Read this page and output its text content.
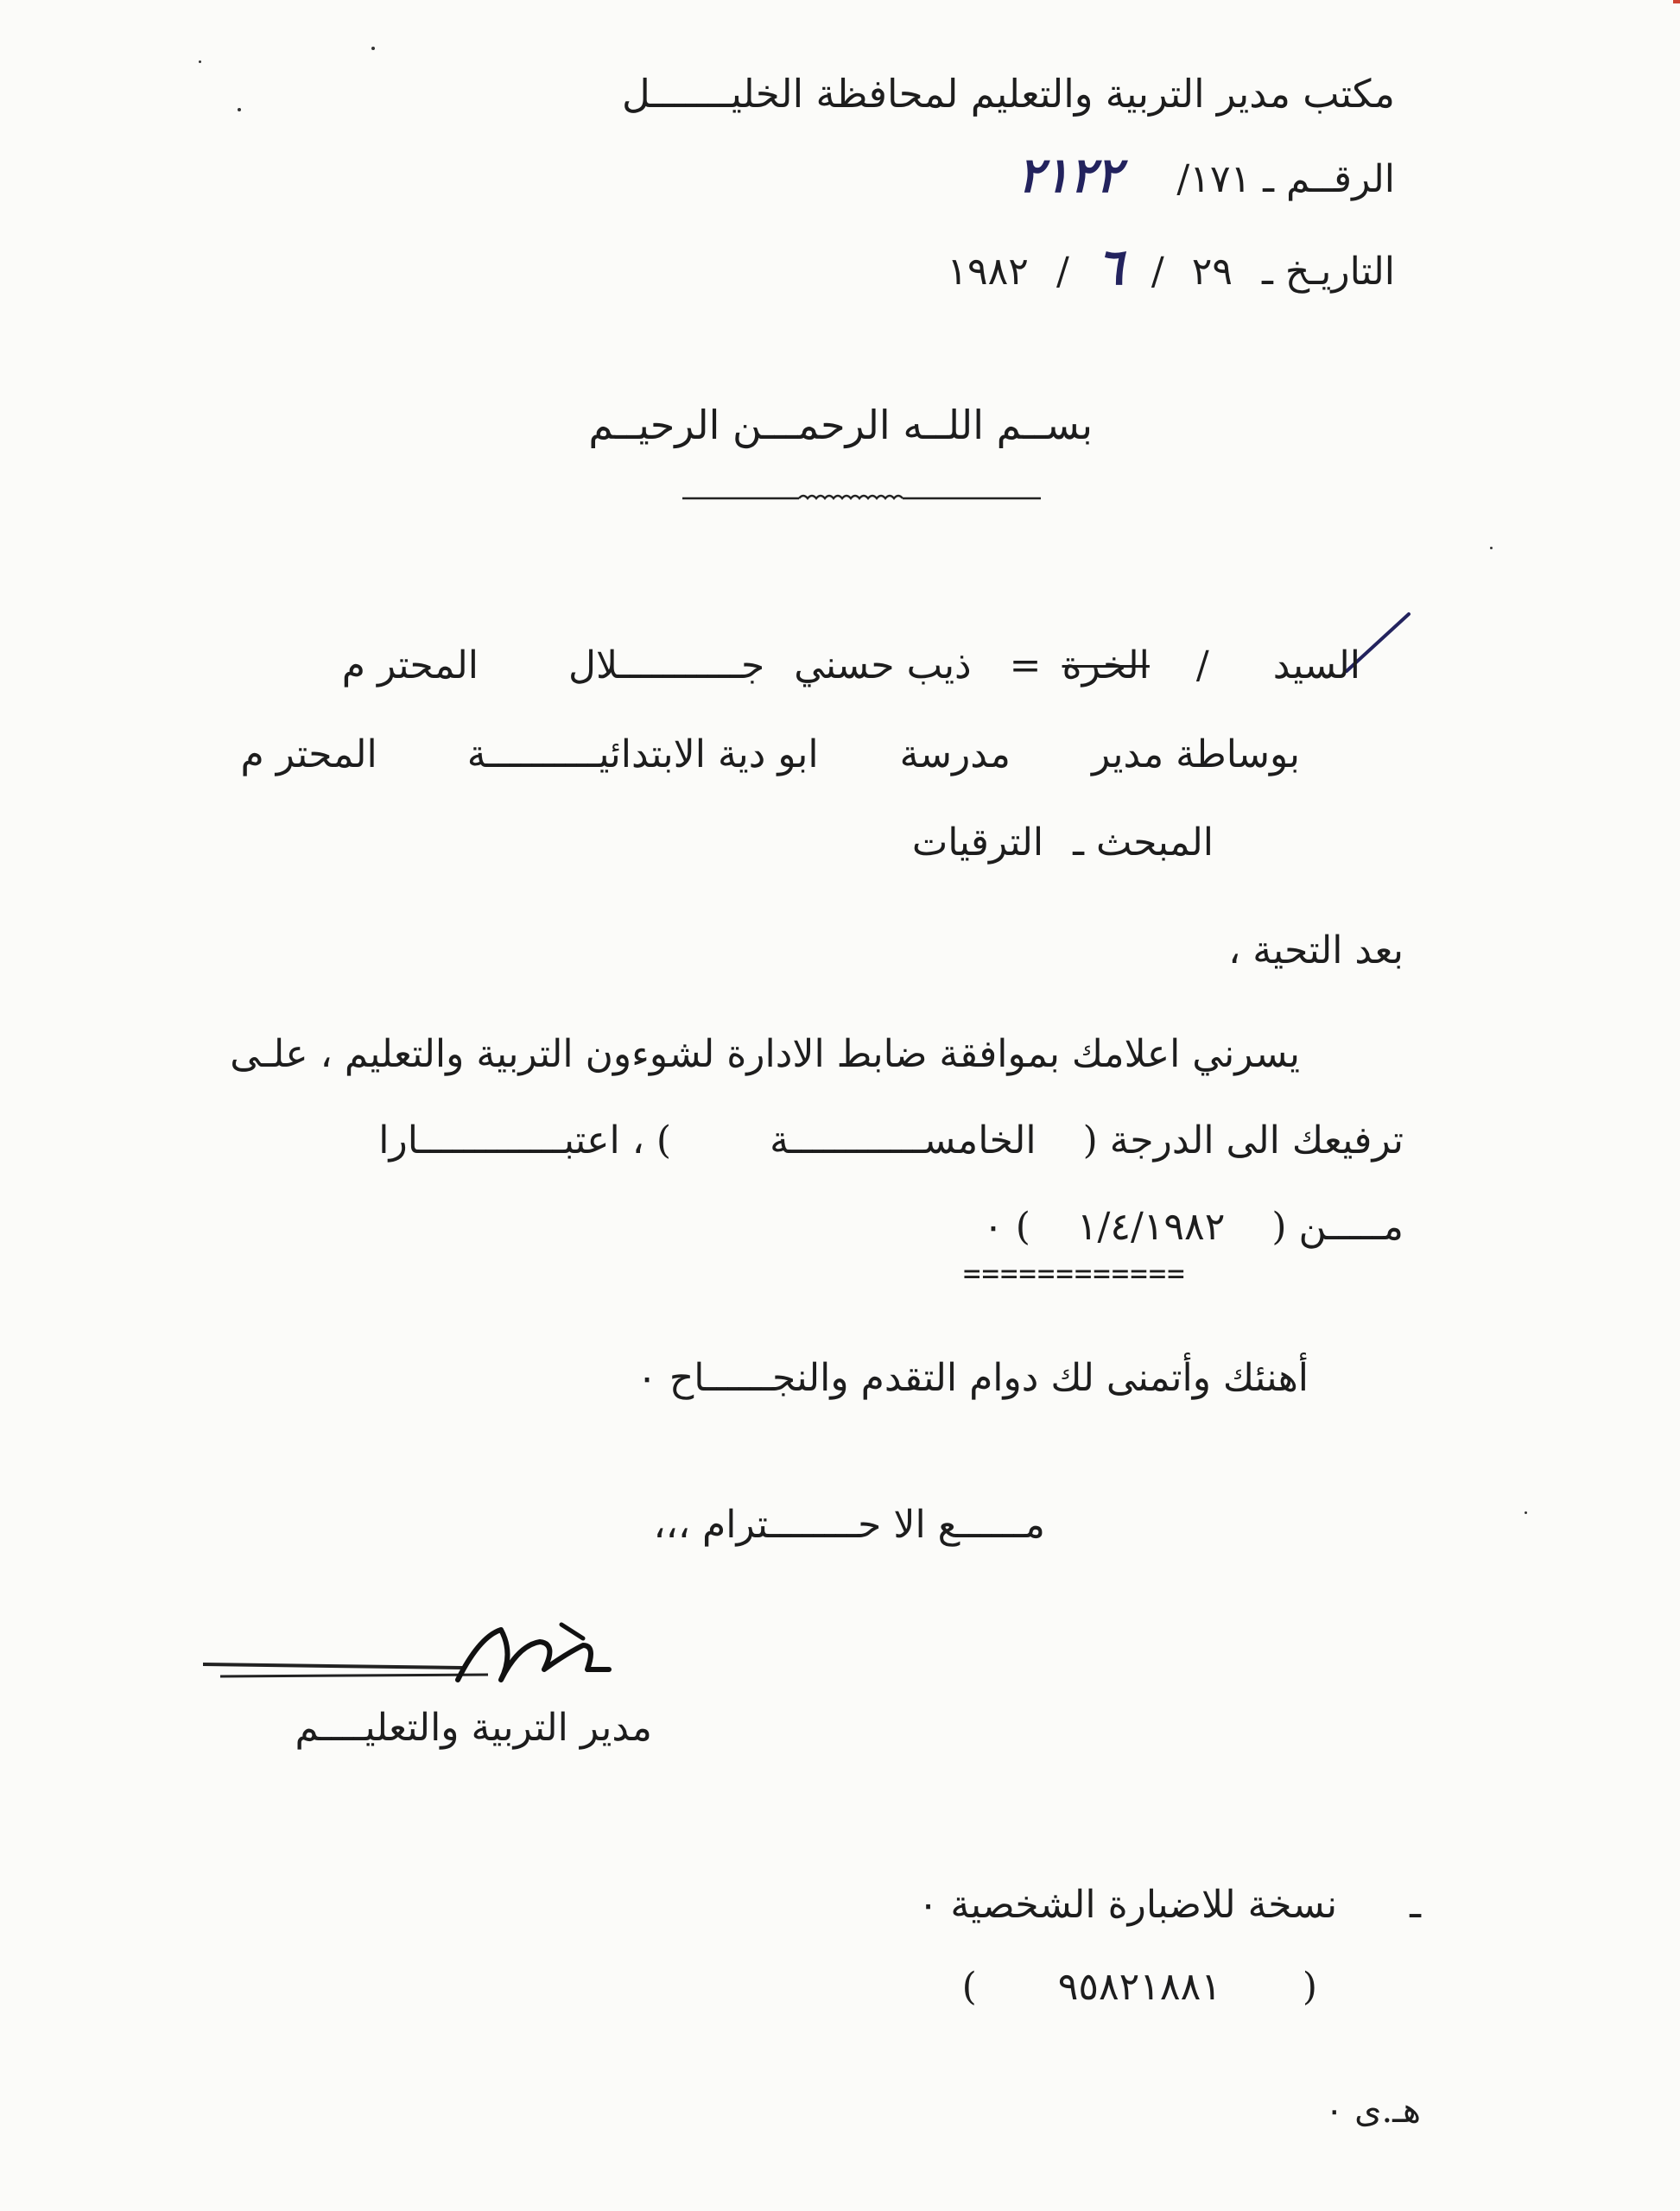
مكتب مدير التربية والتعليم لمحافظة الخليـــــــل
الرقــم ـ ١٧١/ ٢١٢٢
التاريـخ ـ ٢٩ / ٦ / ١٩٨٢
بســم اللــه الرحمـــن الرحيــم
السيد / الخرة = ذيب حسني جـــــــــــلال المحتر م
بوساطة مدير مدرسة ابو دية الابتدائيــــــــــة المحتر م
المبحث ـ الترقيات
بعد التحية ،
يسرني اعلامك بموافقة ضابط الادارة لشوءون التربية والتعليم ، علـى
ترفيعك الى الدرجة ( الخامســــــــــــة ) ، اعتبـــــــــــــارا
مـــــن ( ١/٤/١٩٨٢ ) ٠
============
أهنئك وأتمنى لك دوام التقدم والنجــــــاح ٠
مــــــع الا حــــــــترام ،،،
مدير التربية والتعليــــم
ـ نسخة للاضبارة الشخصية ٠
( ٩٥٨٢١٨٨١ )
هـ.ى ٠
